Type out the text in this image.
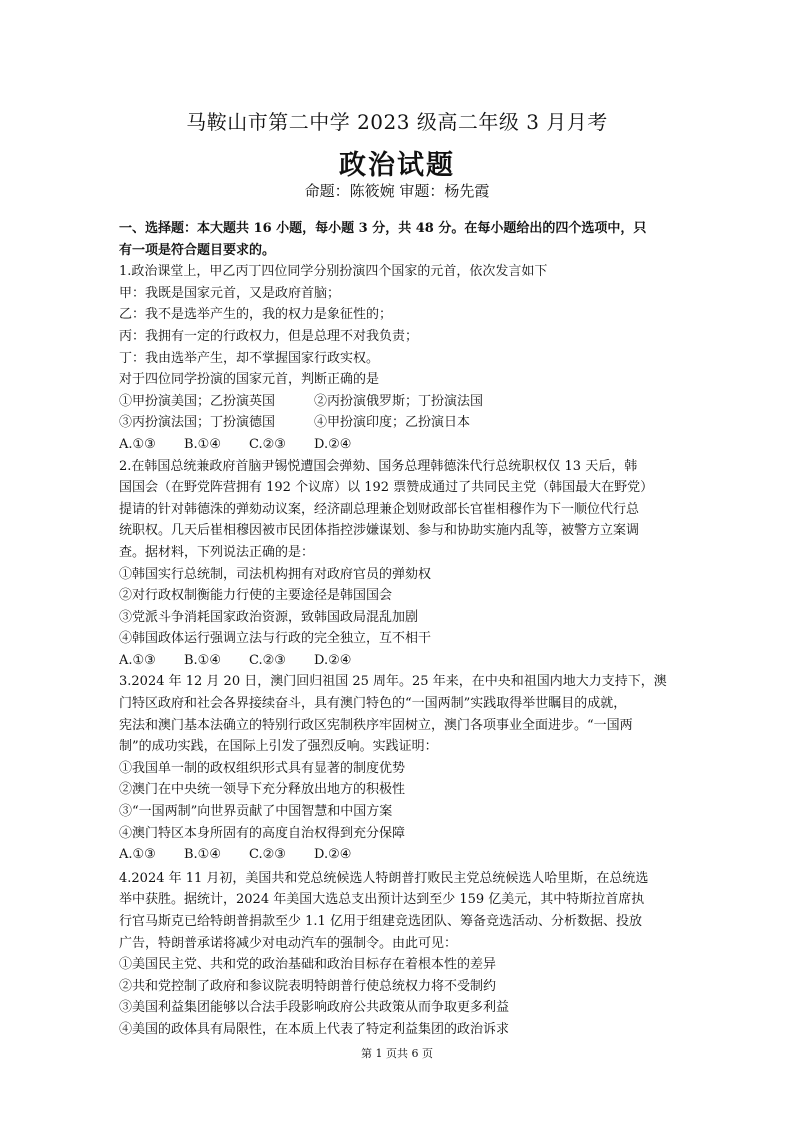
马鞍山市第二中学 2023 级高二年级 3 月月考
政治试题
命题：陈筱婉 审题：杨先霞
一、选择题：本大题共 16 小题，每小题 3 分，共 48 分。在每小题给出的四个选项中，只
有一项是符合题目要求的。
1.政治课堂上，甲乙丙丁四位同学分别扮演四个国家的元首，依次发言如下
甲：我既是国家元首，又是政府首脑；
乙：我不是选举产生的，我的权力是象征性的；
丙：我拥有一定的行政权力，但是总理不对我负责；
丁：我由选举产生，却不掌握国家行政实权。
对于四位同学扮演的国家元首，判断正确的是
①甲扮演美国；乙扮演英国	②丙扮演俄罗斯；丁扮演法国
③丙扮演法国；丁扮演德国	④甲扮演印度；乙扮演日本
A.①③ B.①④ C.②③ D.②④
2.在韩国总统兼政府首脑尹锡悦遭国会弹劾、国务总理韩德洙代行总统职权仅 13 天后，韩
国国会（在野党阵营拥有 192 个议席）以 192 票赞成通过了共同民主党（韩国最大在野党）
提请的针对韩德洙的弹劾动议案，经济副总理兼企划财政部长官崔相穆作为下一顺位代行总
统职权。几天后崔相穆因被市民团体指控涉嫌谋划、参与和协助实施内乱等，被警方立案调
查。据材料，下列说法正确的是：
①韩国实行总统制，司法机构拥有对政府官员的弹劾权
②对行政权制衡能力行使的主要途径是韩国国会
③党派斗争消耗国家政治资源，致韩国政局混乱加剧
④韩国政体运行强调立法与行政的完全独立，互不相干
A.①③ B.①④ C.②③ D.②④
3.2024 年 12 月 20 日，澳门回归祖国 25 周年。25 年来，在中央和祖国内地大力支持下，澳
门特区政府和社会各界接续奋斗，具有澳门特色的“一国两制”实践取得举世瞩目的成就，
宪法和澳门基本法确立的特别行政区宪制秩序牢固树立，澳门各项事业全面进步。“一国两
制”的成功实践，在国际上引发了强烈反响。实践证明：
①我国单一制的政权组织形式具有显著的制度优势
②澳门在中央统一领导下充分释放出地方的积极性
③“一国两制”向世界贡献了中国智慧和中国方案
④澳门特区本身所固有的高度自治权得到充分保障
A.①③ B.①④ C.②③ D.②④
4.2024 年 11 月初，美国共和党总统候选人特朗普打败民主党总统候选人哈里斯，在总统选
举中获胜。据统计，2024 年美国大选总支出预计达到至少 159 亿美元，其中特斯拉首席执
行官马斯克已给特朗普捐款至少 1.1 亿用于组建竞选团队、筹备竞选活动、分析数据、投放
广告，特朗普承诺将减少对电动汽车的强制令。由此可见：
①美国民主党、共和党的政治基础和政治目标存在着根本性的差异
②共和党控制了政府和参议院表明特朗普行使总统权力将不受制约
③美国利益集团能够以合法手段影响政府公共政策从而争取更多利益
④美国的政体具有局限性，在本质上代表了特定利益集团的政治诉求
第 1 页共 6 页
